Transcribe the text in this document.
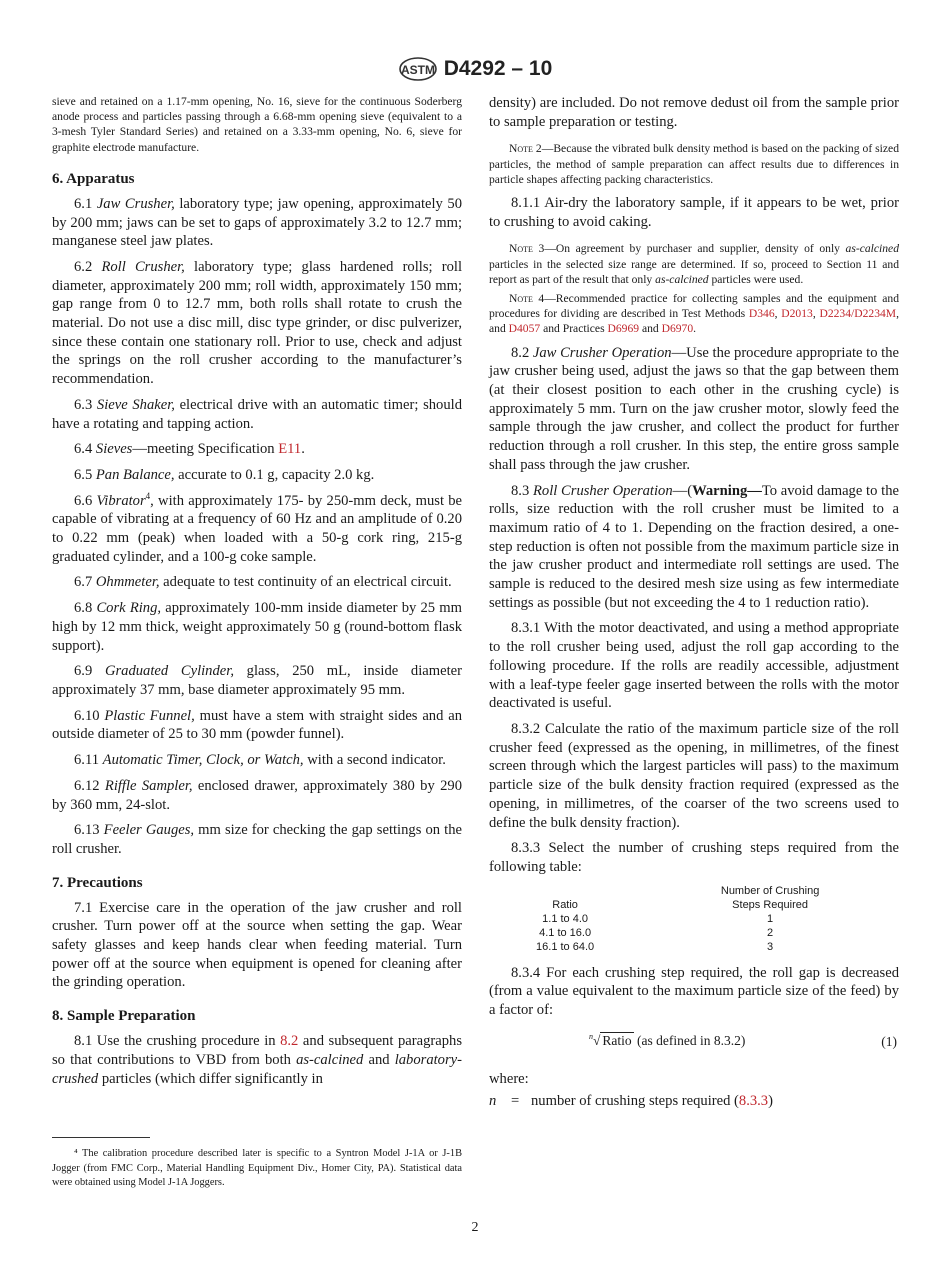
ASTM D4292 – 10

sieve and retained on a 1.17-mm opening, No. 16, sieve for the continuous Soderberg anode process and particles passing through a 6.68-mm opening sieve (equivalent to a 3-mesh Tyler Standard Series) and retained on a 3.33-mm opening, No. 6, sieve for graphite electrode manufacture.

6. Apparatus

6.1 Jaw Crusher, laboratory type; jaw opening, approximately 50 by 200 mm; jaws can be set to gaps of approximately 3.2 to 12.7 mm; manganese steel jaw plates.

6.2 Roll Crusher, laboratory type; glass hardened rolls; roll diameter, approximately 200 mm; roll width, approximately 150 mm; gap range from 0 to 12.7 mm, both rolls shall rotate to crush the material. Do not use a disc mill, disc type grinder, or disc pulverizer, since these contain one stationary roll. Prior to use, check and adjust the springs on the roll crusher according to the manufacturer’s recommendation.

6.3 Sieve Shaker, electrical drive with an automatic timer; should have a rotating and tapping action.

6.4 Sieves—meeting Specification E11.

6.5 Pan Balance, accurate to 0.1 g, capacity 2.0 kg.

6.6 Vibrator$^4$, with approximately 175- by 250-mm deck, must be capable of vibrating at a frequency of 60 Hz and an amplitude of 0.20 to 0.22 mm (peak) when loaded with a 50-g cork ring, 215-g graduated cylinder, and a 100-g coke sample.

6.7 Ohmmeter, adequate to test continuity of an electrical circuit.

6.8 Cork Ring, approximately 100-mm inside diameter by 25 mm high by 12 mm thick, weight approximately 50 g (round-bottom flask support).

6.9 Graduated Cylinder, glass, 250 mL, inside diameter approximately 37 mm, base diameter approximately 95 mm.

6.10 Plastic Funnel, must have a stem with straight sides and an outside diameter of 25 to 30 mm (powder funnel).

6.11 Automatic Timer, Clock, or Watch, with a second indicator.

6.12 Riffle Sampler, enclosed drawer, approximately 380 by 290 by 360 mm, 24-slot.

6.13 Feeler Gauges, mm size for checking the gap settings on the roll crusher.

7. Precautions

7.1 Exercise care in the operation of the jaw crusher and roll crusher. Turn power off at the source when setting the gap. Wear safety glasses and keep hands clear when feeding material. Turn power off at the source when equipment is opened for cleaning after the grinding operation.

8. Sample Preparation

8.1 Use the crushing procedure in 8.2 and subsequent paragraphs so that contributions to VBD from both as-calcined and laboratory-crushed particles (which differ significantly in

⁴ The calibration procedure described later is specific to a Syntron Model J-1A or J-1B Jogger (from FMC Corp., Material Handling Equipment Div., Homer City, PA). Statistical data were obtained using Model J-1A Joggers.

density) are included. Do not remove dedust oil from the sample prior to sample preparation or testing.

Note 2—Because the vibrated bulk density method is based on the packing of sized particles, the method of sample preparation can affect results due to differences in particle shapes affecting packing characteristics.

8.1.1 Air-dry the laboratory sample, if it appears to be wet, prior to crushing to avoid caking.

Note 3—On agreement by purchaser and supplier, density of only as-calcined particles in the selected size range are determined. If so, proceed to Section 11 and report as part of the result that only as-calcined particles were used.

Note 4—Recommended practice for collecting samples and the equipment and procedures for dividing are described in Test Methods D346, D2013, D2234/D2234M, and D4057 and Practices D6969 and D6970.

8.2 Jaw Crusher Operation—Use the procedure appropriate to the jaw crusher being used, adjust the jaws so that the gap between them (at their closest position to each other in the crushing cycle) is approximately 5 mm. Turn on the jaw crusher motor, slowly feed the sample through the jaw crusher, and collect the product for further reduction through a roll crusher. In this step, the entire gross sample shall pass through the jaw crusher.

8.3 Roll Crusher Operation—(Warning—To avoid damage to the rolls, size reduction with the roll crusher must be limited to a maximum ratio of 4 to 1. Depending on the fraction desired, a one-step reduction is often not possible from the maximum particle size in the jaw crusher product and intermediate roll settings are used. The sample is reduced to the desired mesh size using as few intermediate settings as possible (but not exceeding the 4 to 1 reduction ratio).

8.3.1 With the motor deactivated, and using a method appropriate to the roll crusher being used, adjust the roll gap according to the following procedure. If the rolls are readily accessible, adjustment with a leaf-type feeler gage inserted between the rolls with the motor deactivated is useful.

8.3.2 Calculate the ratio of the maximum particle size of the roll crusher feed (expressed as the opening, in millimetres, of the finest screen through which the largest particles will pass) to the maximum particle size of the bulk density fraction required (expressed as the opening, in millimetres, of the coarser of the two screens used to define the bulk density fraction).

8.3.3 Select the number of crushing steps required from the following table:

	Number of Crushing
Ratio	Steps Required
1.1 to 4.0	1
4.1 to 16.0	2
16.1 to 64.0	3

8.3.4 For each crushing step required, the roll gap is decreased (from a value equivalent to the maximum particle size of the feed) by a factor of:

$^n$√ Ratio (as defined in 8.3.2)	(1)
where:
n = number of crushing steps required (8.3.3)
2
